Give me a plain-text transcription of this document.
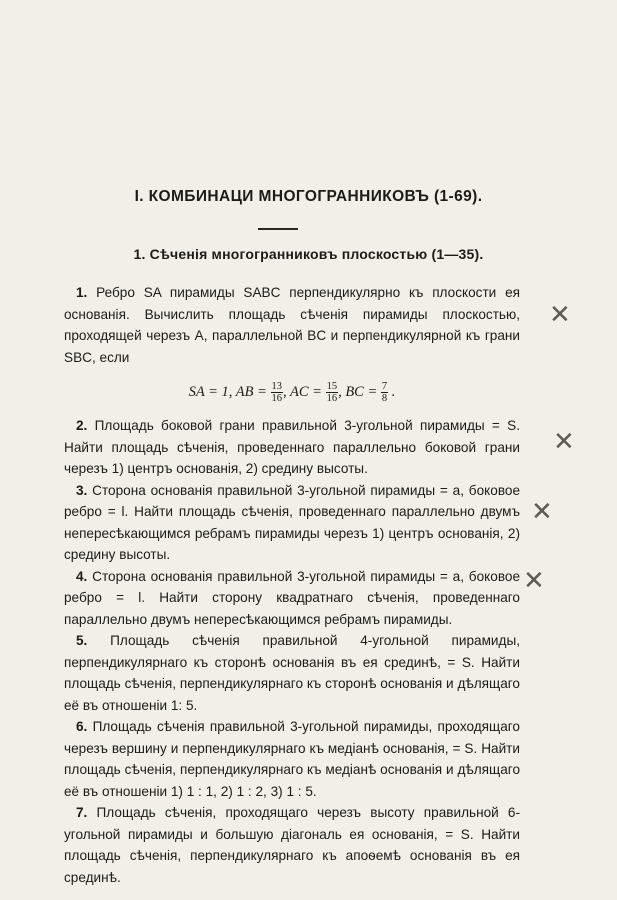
I. КОМБИНАЦИ МНОГОГРАННИКОВЪ (1-69).
1. Сѣченія многогранниковъ плоскостью (1—35).

1. Ребро SA пирамиды SABC перпендикулярно къ плоскости ея основанія. Вычислить площадь сѣченія пирамиды плоскостью, проходящей черезъ A, параллельной BC и перпендикулярной къ грани SBC, если

SA = 1, AB = $\frac{13}{16}$ , AC = $\frac{15}{16}$ , BC = $\frac{7}{8}$ .

2. Площадь боковой грани правильной 3-угольной пирамиды = S. Найти площадь сѣченія, проведеннаго параллельно боковой грани черезъ 1) центръ основанія, 2) средину высоты.

3. Сторона основанія правильной 3-угольной пирамиды = a, боковое ребро = l. Найти площадь сѣченія, проведеннаго параллельно двумъ непересѣкающимся ребрамъ пирамиды черезъ 1) центръ основанія, 2) средину высоты.

4. Сторона основанія правильной 3-угольной пирамиды = a, боковое ребро = l. Найти сторону квадратнаго сѣченія, проведеннаго параллельно двумъ непересѣкающимся ребрамъ пирамиды.

5. Площадь сѣченія правильной 4-угольной пирамиды, перпендикулярнаго къ сторонѣ основанія въ ея срединѣ, = S. Найти площадь сѣченія, перпендикулярнаго къ сторонѣ основанія и дѣлящаго её въ отношеніи 1: 5.

6. Площадь сѣченія правильной 3-угольной пирамиды, проходящаго черезъ вершину и перпендикулярнаго къ медіанѣ основанія, = S. Найти площадь сѣченія, перпендикулярнаго къ медіанѣ основанія и дѣлящаго её въ отношеніи 1) 1 : 1, 2) 1 : 2, 3) 1 : 5.

7. Площадь сѣченія, проходящаго черезъ высоту правильной 6-угольной пирамиды и большую діагональ ея основанія, = S. Найти площадь сѣченія, перпендикулярнаго къ апоѳемѣ основанія въ ея срединѣ.

✕
✕
✕
✕
